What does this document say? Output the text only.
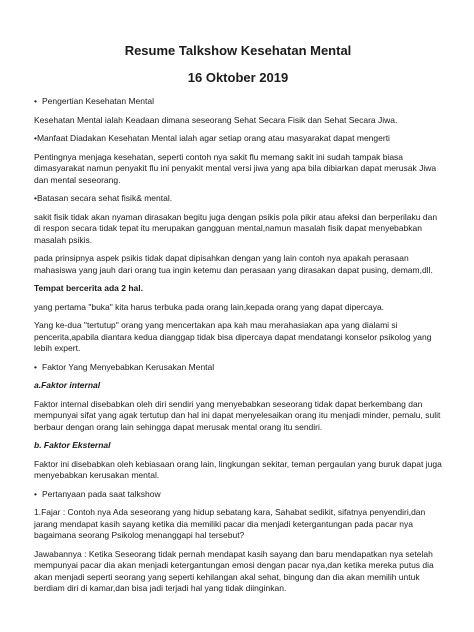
Resume Talkshow Kesehatan Mental
16 Oktober 2019
• Pengertian Kesehatan Mental
Kesehatan Mental ialah Keadaan dimana seseorang Sehat Secara Fisik dan Sehat Secara Jiwa.
•Manfaat Diadakan Kesehatan Mental ialah agar setiap orang atau masyarakat dapat mengerti
Pentingnya menjaga kesehatan, seperti contoh nya sakit flu memang sakit ini sudah tampak biasa dimasyarakat namun penyakit flu ini penyakit mental versi jiwa yang apa bila dibiarkan dapat merusak Jiwa dan mental seseorang.
•Batasan secara sehat fisik& mental.
sakit fisik tidak akan nyaman dirasakan begitu juga dengan psikis pola pikir atau afeksi dan berperilaku dan di respon secara tidak tepat itu merupakan gangguan mental,namun masalah fisik dapat menyebabkan masalah psikis.
pada prinsipnya aspek psikis tidak dapat dipisahkan dengan yang lain contoh nya apakah perasaan mahasiswa yang jauh dari orang tua ingin ketemu dan perasaan yang dirasakan dapat pusing, demam,dll.
Tempat bercerita ada 2 hal.
yang pertama "buka" kita harus terbuka pada orang lain,kepada orang yang dapat dipercaya.
Yang ke-dua "tertutup" orang yang mencertakan apa kah mau merahasiakan apa yang dialami si pencerita,apabila diantara kedua dianggap tidak bisa dipercaya dapat mendatangi konselor psikolog yang lebih expert.
• Faktor Yang Menyebabkan Kerusakan Mental
a.Faktor internal
Faktor internal disebabkan oleh diri sendiri yang menyebabkan seseorang tidak dapat berkembang dan mempunyai sifat yang agak tertutup dan hal ini dapat menyelesaikan orang itu menjadi minder, pemalu, sulit berbaur dengan orang lain sehingga dapat merusak mental orang itu sendiri.
b. Faktor Eksternal
Faktor ini disebabkan oleh kebiasaan orang lain, lingkungan sekitar, teman pergaulan yang buruk dapat juga menyebabkan kerusakan mental.
• Pertanyaan pada saat talkshow
1.Fajar : Contoh nya Ada seseorang yang hidup sebatang kara, Sahabat sedikit, sifatnya penyendiri,dan jarang mendapat kasih sayang ketika dia memiliki pacar dia menjadi ketergantungan pada pacar nya bagaimana seorang Psikolog menanggapi hal tersebut?
Jawabannya : Ketika Seseorang tidak pernah mendapat kasih sayang dan baru mendapatkan nya setelah mempunyai pacar dia akan menjadi ketergantungan emosi dengan pacar nya,dan ketika mereka putus dia akan menjadi seperti seorang yang seperti kehilangan akal sehat, bingung dan dia akan memilih untuk berdiam diri di kamar,dan bisa jadi terjadi hal yang tidak diinginkan.
